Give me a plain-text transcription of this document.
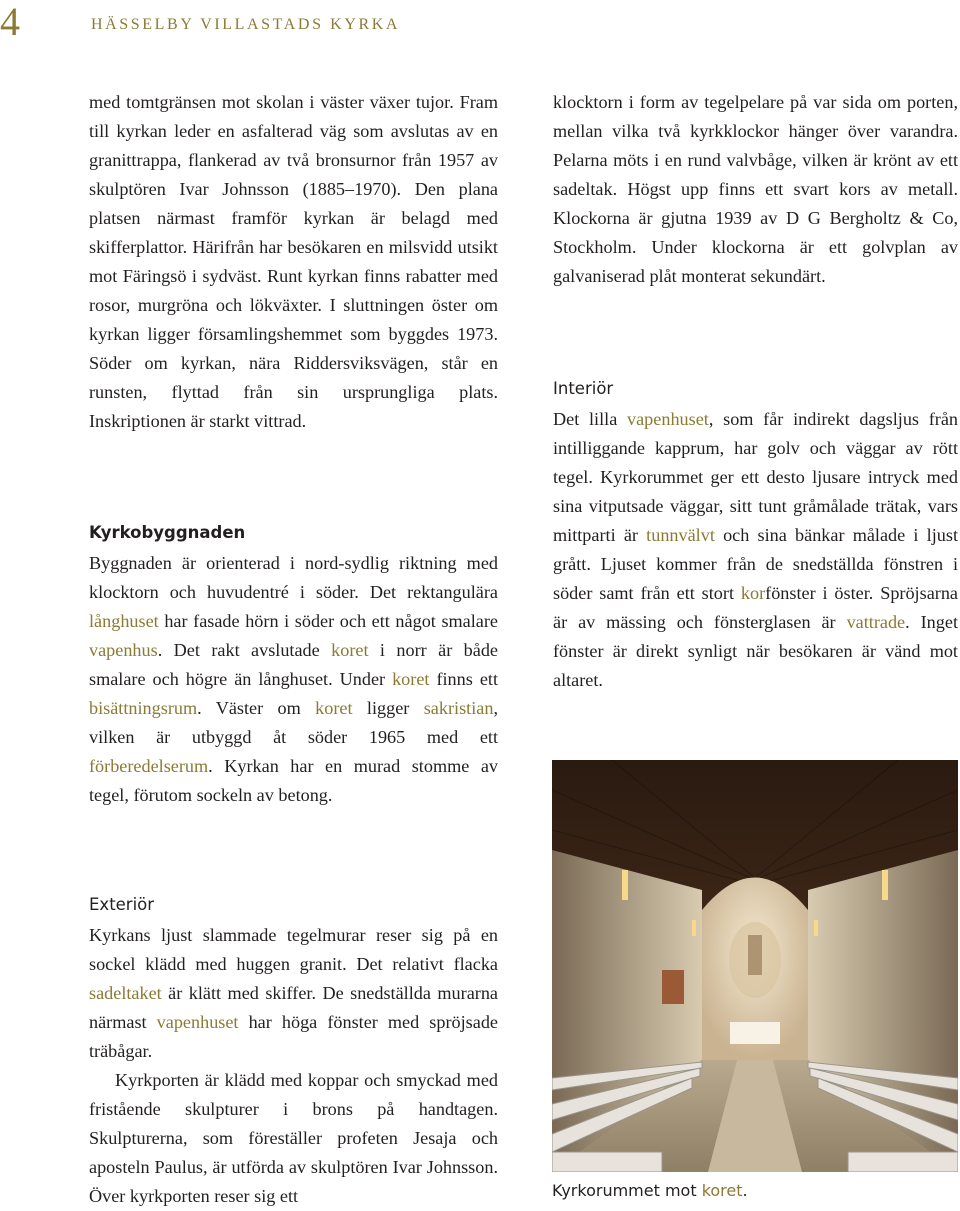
4	HÄSSELBY VILLASTADS KYRKA

med tomtgränsen mot skolan i väster växer tujor. Fram till kyrkan leder en asfalterad väg som avslutas av en granittrappa, flankerad av två bronsurnor från 1957 av skulptören Ivar Johnsson (1885–1970). Den plana platsen närmast framför kyrkan är belagd med skifferplattor. Härifrån har besökaren en milsvidd utsikt mot Färingsö i sydväst. Runt kyrkan finns rabatter med rosor, murgröna och lökväxter. I sluttningen öster om kyrkan ligger församlingshemmet som byggdes 1973. Söder om kyrkan, nära Riddersviksvägen, står en runsten, flyttad från sin ursprungliga plats. Inskriptionen är starkt vittrad.

Kyrkobyggnaden

Byggnaden är orienterad i nord-sydlig riktning med klocktorn och huvudentré i söder. Det rektangulära långhuset har fasade hörn i söder och ett något smalare vapenhus. Det rakt avslutade koret i norr är både smalare och högre än långhuset. Under koret finns ett bisättningsrum. Väster om koret ligger sakristian, vilken är utbyggd åt söder 1965 med ett förberedelserum. Kyrkan har en murad stomme av tegel, förutom sockeln av betong.

Exteriör

Kyrkans ljust slammade tegelmurar reser sig på en sockel klädd med huggen granit. Det relativt flacka sadeltaket är klätt med skiffer. De snedställda murarna närmast vapenhuset har höga fönster med spröjsade träbågar.

Kyrkporten är klädd med koppar och smyckad med fristående skulpturer i brons på handtagen. Skulpturerna, som föreställer profeten Jesaja och aposteln Paulus, är utförda av skulptören Ivar Johnsson. Över kyrkporten reser sig ett

klocktorn i form av tegelpelare på var sida om porten, mellan vilka två kyrkklockor hänger över varandra. Pelarna möts i en rund valvbåge, vilken är krönt av ett sadeltak. Högst upp finns ett svart kors av metall. Klockorna är gjutna 1939 av D G Bergholtz & Co, Stockholm. Under klockorna är ett golvplan av galvaniserad plåt monterat sekundärt.

Interiör

Det lilla vapenhuset, som får indirekt dagsljus från intilliggande kapprum, har golv och väggar av rött tegel. Kyrkorummet ger ett desto ljusare intryck med sina vitputsade väggar, sitt tunt gråmålade trätak, vars mittparti är tunnvälvt och sina bänkar målade i ljust grått. Ljuset kommer från de snedställda fönstren i söder samt från ett stort korfönster i öster. Spröjsarna är av mässing och fönsterglasen är vattrade. Inget fönster är direkt synligt när besökaren är vänd mot altaret.

Kyrkorummet mot koret.
